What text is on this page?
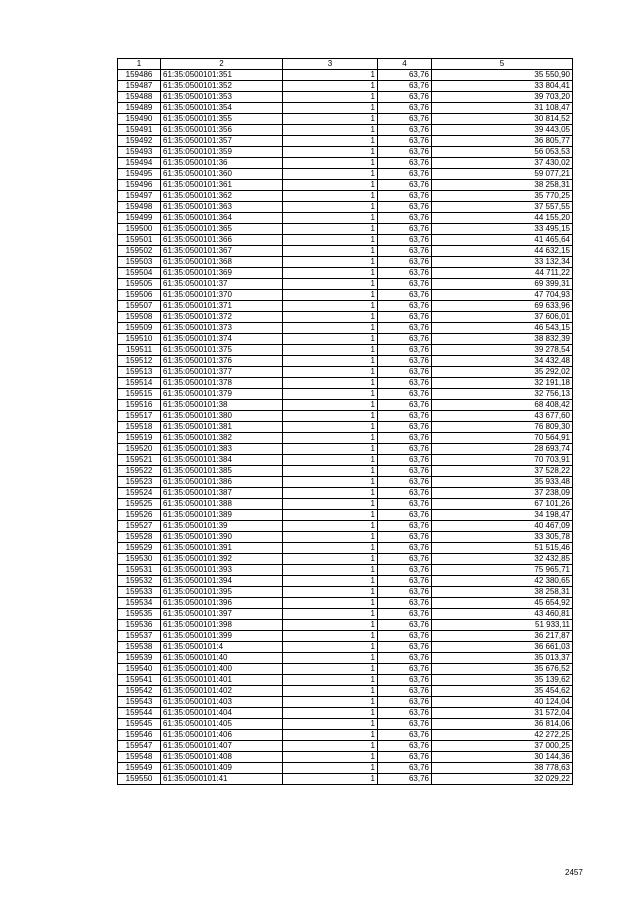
1	2	3	4	5
159486	61:35:0500101:351	1	63,76	35 550,90
159487	61:35:0500101:352	1	63,76	33 804,41
159488	61:35:0500101:353	1	63,76	39 703,20
159489	61:35:0500101:354	1	63,76	31 108,47
159490	61:35:0500101:355	1	63,76	30 814,52
159491	61:35:0500101:356	1	63,76	39 443,05
159492	61:35:0500101:357	1	63,76	36 805,77
159493	61:35:0500101:359	1	63,76	56 053,53
159494	61:35:0500101:36	1	63,76	37 430,02
159495	61:35:0500101:360	1	63,76	59 077,21
159496	61:35:0500101:361	1	63,76	38 258,31
159497	61:35:0500101:362	1	63,76	35 770,25
159498	61:35:0500101:363	1	63,76	37 557,55
159499	61:35:0500101:364	1	63,76	44 155,20
159500	61:35:0500101:365	1	63,76	33 495,15
159501	61:35:0500101:366	1	63,76	41 465,64
159502	61:35:0500101:367	1	63,76	44 632,15
159503	61:35:0500101:368	1	63,76	33 132,34
159504	61:35:0500101:369	1	63,76	44 711,22
159505	61:35:0500101:37	1	63,76	69 399,31
159506	61:35:0500101:370	1	63,76	47 704,93
159507	61:35:0500101:371	1	63,76	69 633,96
159508	61:35:0500101:372	1	63,76	37 606,01
159509	61:35:0500101:373	1	63,76	46 543,15
159510	61:35:0500101:374	1	63,76	38 832,39
159511	61:35:0500101:375	1	63,76	39 278,54
159512	61:35:0500101:376	1	63,76	34 432,48
159513	61:35:0500101:377	1	63,76	35 292,02
159514	61:35:0500101:378	1	63,76	32 191,18
159515	61:35:0500101:379	1	63,76	32 756,13
159516	61:35:0500101:38	1	63,76	68 408,42
159517	61:35:0500101:380	1	63,76	43 677,60
159518	61:35:0500101:381	1	63,76	76 809,30
159519	61:35:0500101:382	1	63,76	70 564,91
159520	61:35:0500101:383	1	63,76	28 693,74
159521	61:35:0500101:384	1	63,76	70 703,91
159522	61:35:0500101:385	1	63,76	37 528,22
159523	61:35:0500101:386	1	63,76	35 933,48
159524	61:35:0500101:387	1	63,76	37 238,09
159525	61:35:0500101:388	1	63,76	67 101,26
159526	61:35:0500101:389	1	63,76	34 198,47
159527	61:35:0500101:39	1	63,76	40 467,09
159528	61:35:0500101:390	1	63,76	33 305,78
159529	61:35:0500101:391	1	63,76	51 515,46
159530	61:35:0500101:392	1	63,76	32 432,85
159531	61:35:0500101:393	1	63,76	75 965,71
159532	61:35:0500101:394	1	63,76	42 380,65
159533	61:35:0500101:395	1	63,76	38 258,31
159534	61:35:0500101:396	1	63,76	45 654,92
159535	61:35:0500101:397	1	63,76	43 460,81
159536	61:35:0500101:398	1	63,76	51 933,11
159537	61:35:0500101:399	1	63,76	36 217,87
159538	61:35:0500101:4	1	63,76	36 661,03
159539	61:35:0500101:40	1	63,76	35 013,37
159540	61:35:0500101:400	1	63,76	35 676,52
159541	61:35:0500101:401	1	63,76	35 139,62
159542	61:35:0500101:402	1	63,76	35 454,62
159543	61:35:0500101:403	1	63,76	40 124,04
159544	61:35:0500101:404	1	63,76	31 572,04
159545	61:35:0500101:405	1	63,76	36 814,06
159546	61:35:0500101:406	1	63,76	42 272,25
159547	61:35:0500101:407	1	63,76	37 000,25
159548	61:35:0500101:408	1	63,76	30 144,36
159549	61:35:0500101:409	1	63,76	38 778,63
159550	61:35:0500101:41	1	63,76	32 029,22
2457
